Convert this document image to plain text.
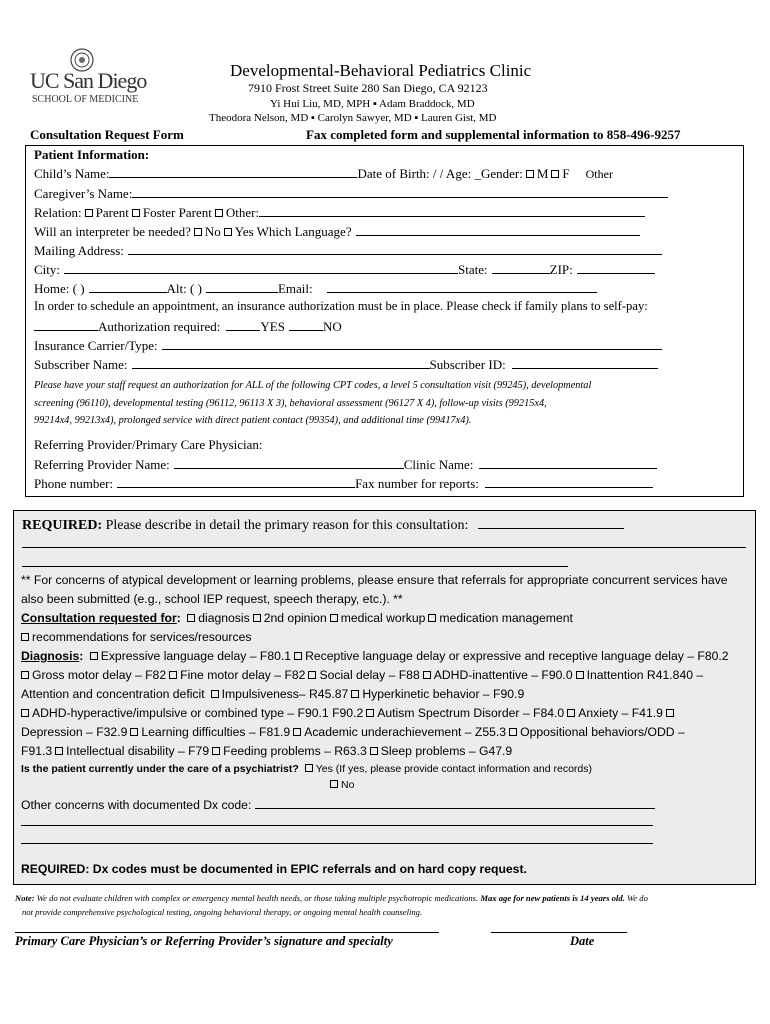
UC San Diego
SCHOOL OF MEDICINE
Developmental-Behavioral Pediatrics Clinic
7910 Frost Street Suite 280 San Diego, CA 92123
Yi Hui Liu, MD, MPH ▪ Adam Braddock, MD
Theodora Nelson, MD ▪ Carolyn Sawyer, MD ▪ Lauren Gist, MD
Consultation Request Form	Fax completed form and supplemental information to 858-496-9257
Patient Information:
Child’s Name:	Date of Birth: / / Age: _Gender: M F Other
Caregiver’s Name:
Relation: Parent Foster Parent Other:
Will an interpreter be needed? No Yes Which Language?
Mailing Address:
City:	State:	ZIP:
Home: ( )	Alt: ( )	Email:
In order to schedule an appointment, an insurance authorization must be in place. Please check if family plans to self-pay:
Authorization required:	YES	NO
Insurance Carrier/Type:
Subscriber Name:	Subscriber ID:
Please have your staff request an authorization for ALL of the following CPT codes, a level 5 consultation visit (99245), developmental
screening (96110), developmental testing (96112, 96113 X 3), behavioral assessment (96127 X 4), follow-up visits (99215x4,
99214x4, 99213x4), prolonged service with direct patient contact (99354), and additional time (99417x4).
Referring Provider/Primary Care Physician:
Referring Provider Name:	Clinic Name:
Phone number:	Fax number for reports:
REQUIRED: Please describe in detail the primary reason for this consultation:
** For concerns of atypical development or learning problems, please ensure that referrals for appropriate concurrent services have
also been submitted (e.g., school IEP request, speech therapy, etc.). **
Consultation requested for: diagnosis 2nd opinion medical workup medication management
recommendations for services/resources
Diagnosis: Expressive language delay – F80.1 Receptive language delay or expressive and receptive language delay – F80.2
Gross motor delay – F82 Fine motor delay – F82 Social delay – F88 ADHD-inattentive – F90.0 Inattention R41.840 –
Attention and concentration deficit Impulsiveness– R45.87 Hyperkinetic behavior – F90.9
ADHD-hyperactive/impulsive or combined type – F90.1 F90.2 Autism Spectrum Disorder – F84.0 Anxiety – F41.9
Depression – F32.9 Learning difficulties – F81.9 Academic underachievement – Z55.3 Oppositional behaviors/ODD –
F91.3 Intellectual disability – F79 Feeding problems – R63.3 Sleep problems – G47.9
Is the patient currently under the care of a psychiatrist? Yes (If yes, please provide contact information and records)
No
Other concerns with documented Dx code:
REQUIRED: Dx codes must be documented in EPIC referrals and on hard copy request.
Note: We do not evaluate children with complex or emergency mental health needs, or those taking multiple psychotropic medications. Max age for new patients is 14 years old. We do
not provide comprehensive psychological testing, ongoing behavioral therapy, or ongoing mental health counseling.
Primary Care Physician’s or Referring Provider’s signature and specialty	Date
